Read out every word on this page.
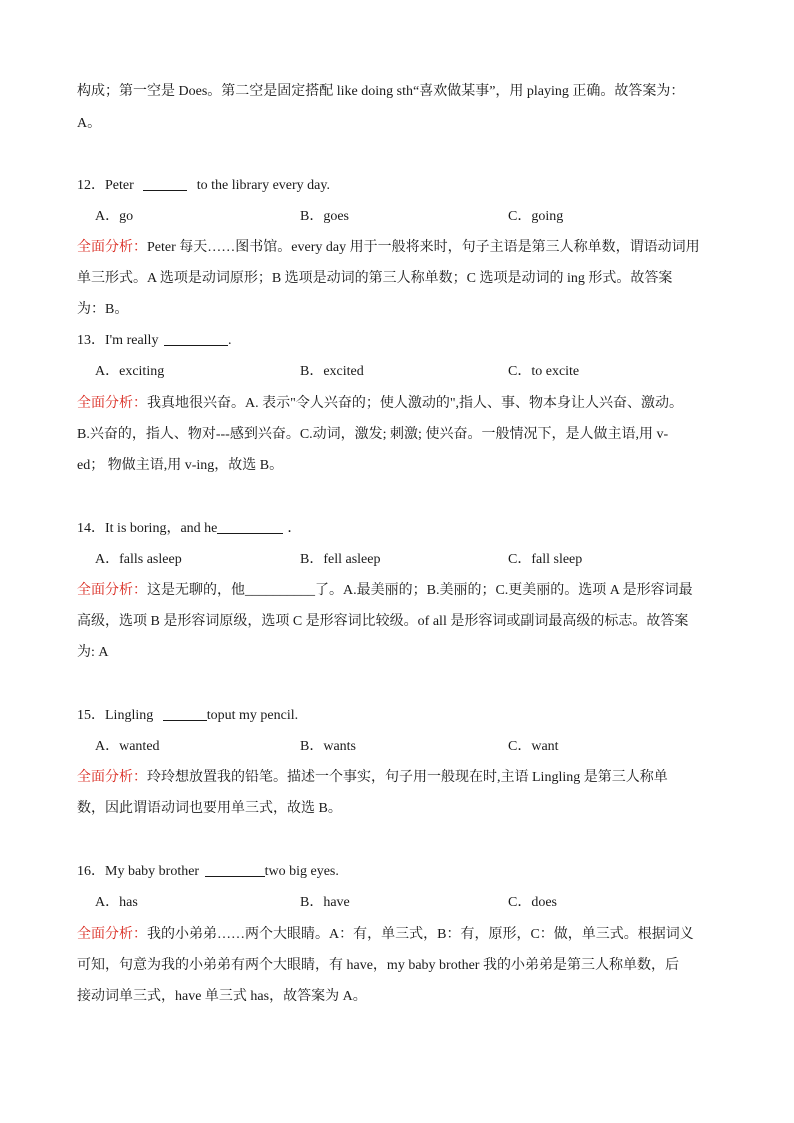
构成；第一空是 Does。第二空是固定搭配 like doing sth“喜欢做某事”，用 playing 正确。故答案为：
A。
12．Peter	to the library every day.
A．go	B．goes	C．going
全面分析：Peter 每天……图书馆。every day 用于一般将来时，句子主语是第三人称单数，谓语动词用
单三形式。A 选项是动词原形；B 选项是动词的第三人称单数；C 选项是动词的 ing 形式。故答案
为：B。
13．I'm really	.
A．exciting	B．excited	C．to excite
全面分析：我真地很兴奋。A. 表示"令人兴奋的；使人激动的",指人、事、物本身让人兴奋、激动。
B.兴奋的，指人、物对---感到兴奋。C.动词，激发; 刺激; 使兴奋。一般情况下，是人做主语,用 v-
ed； 物做主语,用 v-ing，故选 B。
14．It is boring，and he	．
A．falls asleep	B．fell asleep	C．fall sleep
全面分析：这是无聊的，他__________了。A.最美丽的；B.美丽的；C.更美丽的。选项 A 是形容词最
高级，选项 B 是形容词原级，选项 C 是形容词比较级。of all 是形容词或副词最高级的标志。故答案
为: A
15．Lingling	toput my pencil.
A．wanted	B．wants	C．want
全面分析：玲玲想放置我的铅笔。描述一个事实，句子用一般现在时,主语 Lingling 是第三人称单
数，因此谓语动词也要用单三式，故选 B。
16．My baby brother	two big eyes.
A．has	B．have	C．does
全面分析：我的小弟弟……两个大眼睛。A：有，单三式，B：有，原形，C：做，单三式。根据词义
可知，句意为我的小弟弟有两个大眼睛，有 have，my baby brother 我的小弟弟是第三人称单数，后
接动词单三式，have 单三式 has，故答案为 A。
